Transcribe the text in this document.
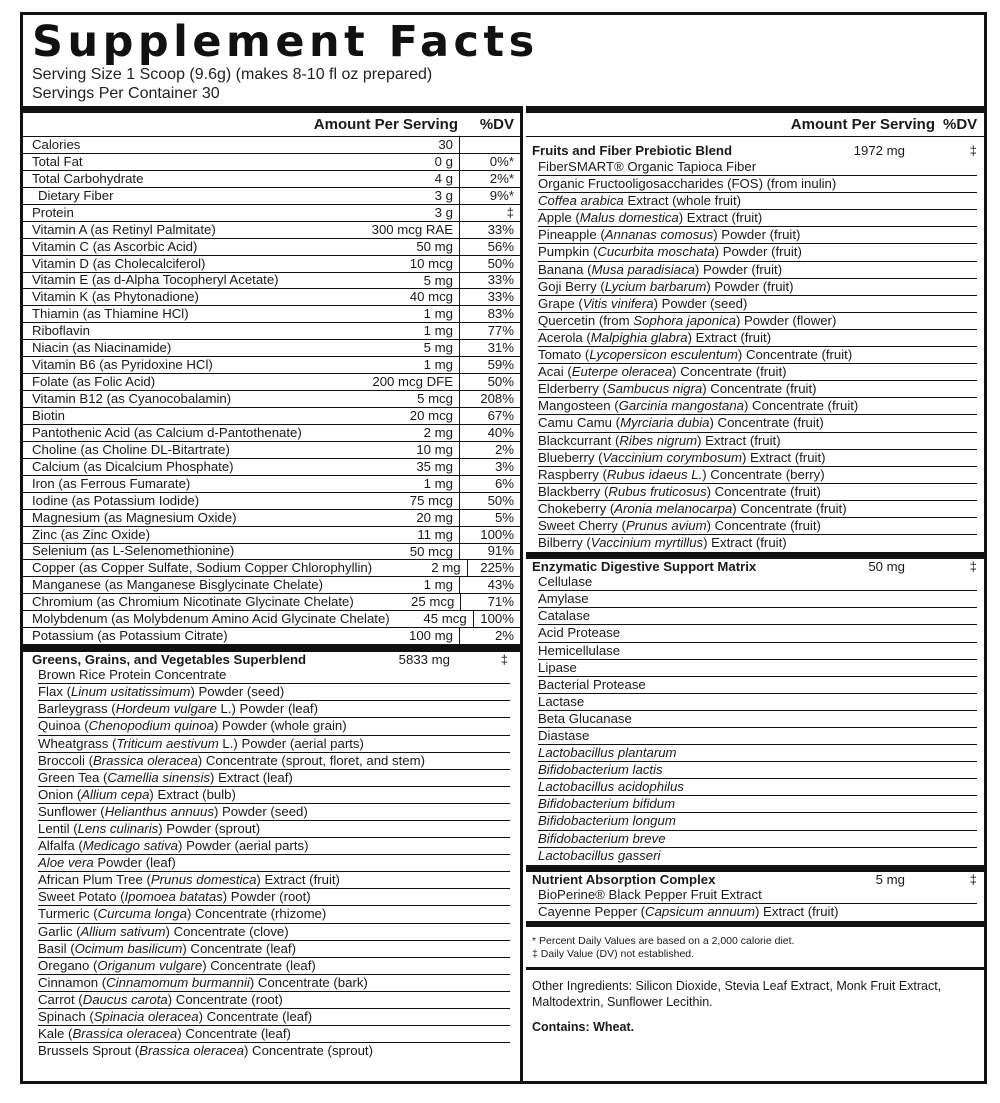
Supplement Facts
Serving Size 1 Scoop (9.6g) (makes 8-10 fl oz prepared)
Servings Per Container 30
Amount Per Serving	%DV
Calories	30
Total Fat	0 g	0%*
Total Carbohydrate	4 g	2%*
Dietary Fiber	3 g	9%*
Protein	3 g	‡
Vitamin A (as Retinyl Palmitate)	300 mcg RAE	33%
Vitamin C (as Ascorbic Acid)	50 mg	56%
Vitamin D (as Cholecalciferol)	10 mcg	50%
Vitamin E (as d-Alpha Tocopheryl Acetate)	5 mg	33%
Vitamin K (as Phytonadione)	40 mcg	33%
Thiamin (as Thiamine HCl)	1 mg	83%
Riboflavin	1 mg	77%
Niacin (as Niacinamide)	5 mg	31%
Vitamin B6 (as Pyridoxine HCl)	1 mg	59%
Folate (as Folic Acid)	200 mcg DFE	50%
Vitamin B12 (as Cyanocobalamin)	5 mcg	208%
Biotin	20 mcg	67%
Pantothenic Acid (as Calcium d-Pantothenate)	2 mg	40%
Choline (as Choline DL-Bitartrate)	10 mg	2%
Calcium (as Dicalcium Phosphate)	35 mg	3%
Iron (as Ferrous Fumarate)	1 mg	6%
Iodine (as Potassium Iodide)	75 mcg	50%
Magnesium (as Magnesium Oxide)	20 mg	5%
Zinc (as Zinc Oxide)	11 mg	100%
Selenium (as L-Selenomethionine)	50 mcg	91%
Copper (as Copper Sulfate, Sodium Copper Chlorophyllin)	2 mg	225%
Manganese (as Manganese Bisglycinate Chelate)	1 mg	43%
Chromium (as Chromium Nicotinate Glycinate Chelate)	25 mcg	71%
Molybdenum (as Molybdenum Amino Acid Glycinate Chelate)	45 mcg	100%
Potassium (as Potassium Citrate)	100 mg	2%
Greens, Grains, and Vegetables Superblend	5833 mg	‡
Brown Rice Protein Concentrate
Flax (Linum usitatissimum) Powder (seed)
Barleygrass (Hordeum vulgare L.) Powder (leaf)
Quinoa (Chenopodium quinoa) Powder (whole grain)
Wheatgrass (Triticum aestivum L.) Powder (aerial parts)
Broccoli (Brassica oleracea) Concentrate (sprout, floret, and stem)
Green Tea (Camellia sinensis) Extract (leaf)
Onion (Allium cepa) Extract (bulb)
Sunflower (Helianthus annuus) Powder (seed)
Lentil (Lens culinaris) Powder (sprout)
Alfalfa (Medicago sativa) Powder (aerial parts)
Aloe vera Powder (leaf)
African Plum Tree (Prunus domestica) Extract (fruit)
Sweet Potato (Ipomoea batatas) Powder (root)
Turmeric (Curcuma longa) Concentrate (rhizome)
Garlic (Allium sativum) Concentrate (clove)
Basil (Ocimum basilicum) Concentrate (leaf)
Oregano (Origanum vulgare) Concentrate (leaf)
Cinnamon (Cinnamomum burmannii) Concentrate (bark)
Carrot (Daucus carota) Concentrate (root)
Spinach (Spinacia oleracea) Concentrate (leaf)
Kale (Brassica oleracea) Concentrate (leaf)
Brussels Sprout (Brassica oleracea) Concentrate (sprout)
Amount Per Serving %DV
Fruits and Fiber Prebiotic Blend	1972 mg	‡
FiberSMART® Organic Tapioca Fiber
Organic Fructooligosaccharides (FOS) (from inulin)
Coffea arabica Extract (whole fruit)
Apple (Malus domestica) Extract (fruit)
Pineapple (Annanas comosus) Powder (fruit)
Pumpkin (Cucurbita moschata) Powder (fruit)
Banana (Musa paradisiaca) Powder (fruit)
Goji Berry (Lycium barbarum) Powder (fruit)
Grape (Vitis vinifera) Powder (seed)
Quercetin (from Sophora japonica) Powder (flower)
Acerola (Malpighia glabra) Extract (fruit)
Tomato (Lycopersicon esculentum) Concentrate (fruit)
Acai (Euterpe oleracea) Concentrate (fruit)
Elderberry (Sambucus nigra) Concentrate (fruit)
Mangosteen (Garcinia mangostana) Concentrate (fruit)
Camu Camu (Myrciaria dubia) Concentrate (fruit)
Blackcurrant (Ribes nigrum) Extract (fruit)
Blueberry (Vaccinium corymbosum) Extract (fruit)
Raspberry (Rubus idaeus L.) Concentrate (berry)
Blackberry (Rubus fruticosus) Concentrate (fruit)
Chokeberry (Aronia melanocarpa) Concentrate (fruit)
Sweet Cherry (Prunus avium) Concentrate (fruit)
Bilberry (Vaccinium myrtillus) Extract (fruit)
Enzymatic Digestive Support Matrix	50 mg	‡
Cellulase
Amylase
Catalase
Acid Protease
Hemicellulase
Lipase
Bacterial Protease
Lactase
Beta Glucanase
Diastase
Lactobacillus plantarum
Bifidobacterium lactis
Lactobacillus acidophilus
Bifidobacterium bifidum
Bifidobacterium longum
Bifidobacterium breve
Lactobacillus gasseri
Nutrient Absorption Complex	5 mg	‡
BioPerine® Black Pepper Fruit Extract
Cayenne Pepper (Capsicum annuum) Extract (fruit)
* Percent Daily Values are based on a 2,000 calorie diet.
‡ Daily Value (DV) not established.
Other Ingredients: Silicon Dioxide, Stevia Leaf Extract, Monk Fruit Extract, Maltodextrin, Sunflower Lecithin.
Contains: Wheat.
